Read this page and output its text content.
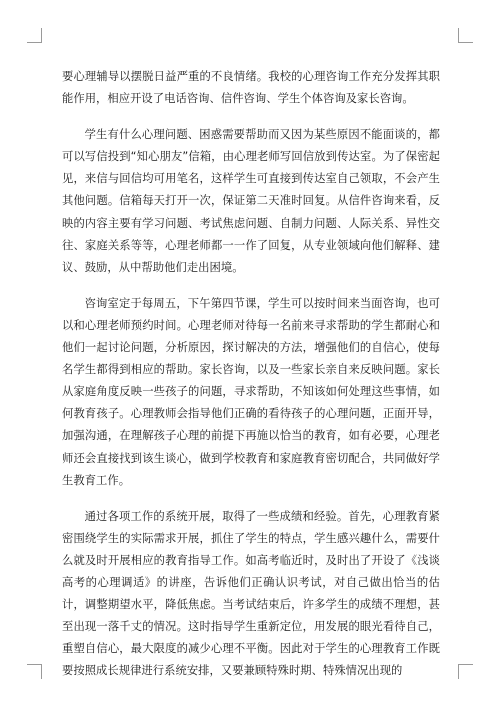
要心理辅导以摆脱日益严重的不良情绪。我校的心理咨询工作充分发挥其职能作用，相应开设了电话咨询、信件咨询、学生个体咨询及家长咨询。

学生有什么心理问题、困惑需要帮助而又因为某些原因不能面谈的，都可以写信投到“知心朋友”信箱，由心理老师写回信放到传达室。为了保密起见，来信与回信均可用笔名，这样学生可直接到传达室自己领取，不会产生其他问题。信箱每天打开一次，保证第二天准时回复。从信件咨询来看，反映的内容主要有学习问题、考试焦虑问题、自制力问题、人际关系、异性交往、家庭关系等等，心理老师都一一作了回复，从专业领域向他们解释、建议、鼓励，从中帮助他们走出困境。

咨询室定于每周五，下午第四节课，学生可以按时间来当面咨询，也可以和心理老师预约时间。心理老师对待每一名前来寻求帮助的学生都耐心和他们一起讨论问题，分析原因，探讨解决的方法，增强他们的自信心，使每名学生都得到相应的帮助。家长咨询，以及一些家长亲自来反映问题。家长从家庭角度反映一些孩子的问题，寻求帮助，不知该如何处理这些事情，如何教育孩子。心理教师会指导他们正确的看待孩子的心理问题，正面开导，加强沟通，在理解孩子心理的前提下再施以恰当的教育，如有必要，心理老师还会直接找到该生谈心，做到学校教育和家庭教育密切配合，共同做好学生教育工作。

通过各项工作的系统开展，取得了一些成绩和经验。首先，心理教育紧密围绕学生的实际需求开展，抓住了学生的特点，学生感兴趣什么，需要什么就及时开展相应的教育指导工作。如高考临近时，及时出了开设了《浅谈高考的心理调适》的讲座，告诉他们正确认识考试，对自己做出恰当的估计，调整期望水平，降低焦虑。当考试结束后，许多学生的成绩不理想，甚至出现一落千丈的情况。这时指导学生重新定位，用发展的眼光看待自己，重塑自信心，最大限度的减少心理不平衡。因此对于学生的心理教育工作既要按照成长规律进行系统安排，又要兼顾特殊时期、特殊情况出现的
